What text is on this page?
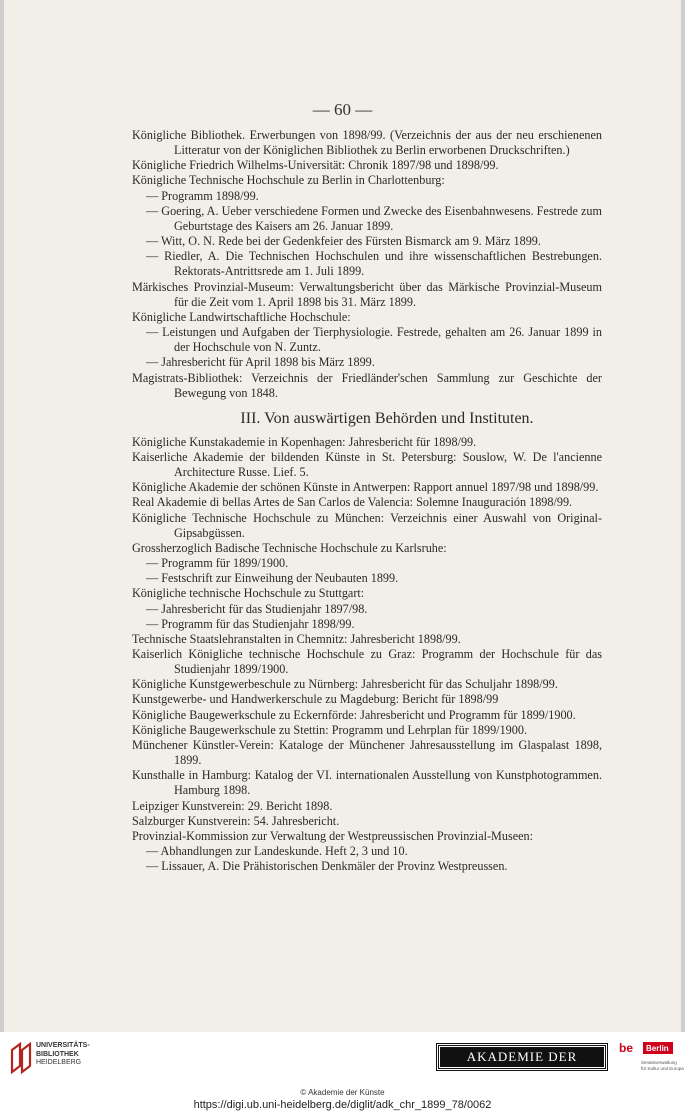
— 60 —
Königliche Bibliothek. Erwerbungen von 1898/99. (Verzeichnis der aus der neu erschienenen Litteratur von der Königlichen Bibliothek zu Berlin erworbenen Druckschriften.)
Königliche Friedrich Wilhelms-Universität: Chronik 1897/98 und 1898/99.
Königliche Technische Hochschule zu Berlin in Charlottenburg:
— Programm 1898/99.
— Goering, A. Ueber verschiedene Formen und Zwecke des Eisenbahnwesens. Festrede zum Geburtstage des Kaisers am 26. Januar 1899.
— Witt, O. N. Rede bei der Gedenkfeier des Fürsten Bismarck am 9. März 1899.
— Riedler, A. Die Technischen Hochschulen und ihre wissenschaftlichen Bestrebungen. Rektorats-Antrittsrede am 1. Juli 1899.
Märkisches Provinzial-Museum: Verwaltungsbericht über das Märkische Provinzial-Museum für die Zeit vom 1. April 1898 bis 31. März 1899.
Königliche Landwirtschaftliche Hochschule:
— Leistungen und Aufgaben der Tierphysiologie. Festrede, gehalten am 26. Januar 1899 in der Hochschule von N. Zuntz.
— Jahresbericht für April 1898 bis März 1899.
Magistrats-Bibliothek: Verzeichnis der Friedländer'schen Sammlung zur Geschichte der Bewegung von 1848.
III. Von auswärtigen Behörden und Instituten.
Königliche Kunstakademie in Kopenhagen: Jahresbericht für 1898/99.
Kaiserliche Akademie der bildenden Künste in St. Petersburg: Souslow, W. De l'ancienne Architecture Russe. Lief. 5.
Königliche Akademie der schönen Künste in Antwerpen: Rapport annuel 1897/98 und 1898/99.
Real Akademie di bellas Artes de San Carlos de Valencia: Solemne Inauguración 1898/99.
Königliche Technische Hochschule zu München: Verzeichnis einer Auswahl von Original-Gipsabgüssen.
Grossherzoglich Badische Technische Hochschule zu Karlsruhe:
— Programm für 1899/1900.
— Festschrift zur Einweihung der Neubauten 1899.
Königliche technische Hochschule zu Stuttgart:
— Jahresbericht für das Studienjahr 1897/98.
— Programm für das Studienjahr 1898/99.
Technische Staatslehranstalten in Chemnitz: Jahresbericht 1898/99.
Kaiserlich Königliche technische Hochschule zu Graz: Programm der Hochschule für das Studienjahr 1899/1900.
Königliche Kunstgewerbeschule zu Nürnberg: Jahresbericht für das Schuljahr 1898/99.
Kunstgewerbe- und Handwerkerschule zu Magdeburg: Bericht für 1898/99
Königliche Baugewerkschule zu Eckernförde: Jahresbericht und Programm für 1899/1900.
Königliche Baugewerkschule zu Stettin: Programm und Lehrplan für 1899/1900.
Münchener Künstler-Verein: Kataloge der Münchener Jahresausstellung im Glaspalast 1898, 1899.
Kunsthalle in Hamburg: Katalog der VI. internationalen Ausstellung von Kunstphotogrammen. Hamburg 1898.
Leipziger Kunstverein: 29. Bericht 1898.
Salzburger Kunstverein: 54. Jahresbericht.
Provinzial-Kommission zur Verwaltung der Westpreussischen Provinzial-Museen:
— Abhandlungen zur Landeskunde. Heft 2, 3 und 10.
— Lissauer, A. Die Prähistorischen Denkmäler der Provinz Westpreussen.
UNIVERSITÄTS-
BIBLIOTHEK
HEIDELBERG	AKADEMIE DER KÜNSTE
be Berlin
Senatsverwaltung
für Kultur und Europa
© Akademie der Künste
https://digi.ub.uni-heidelberg.de/diglit/adk_chr_1899_78/0062
